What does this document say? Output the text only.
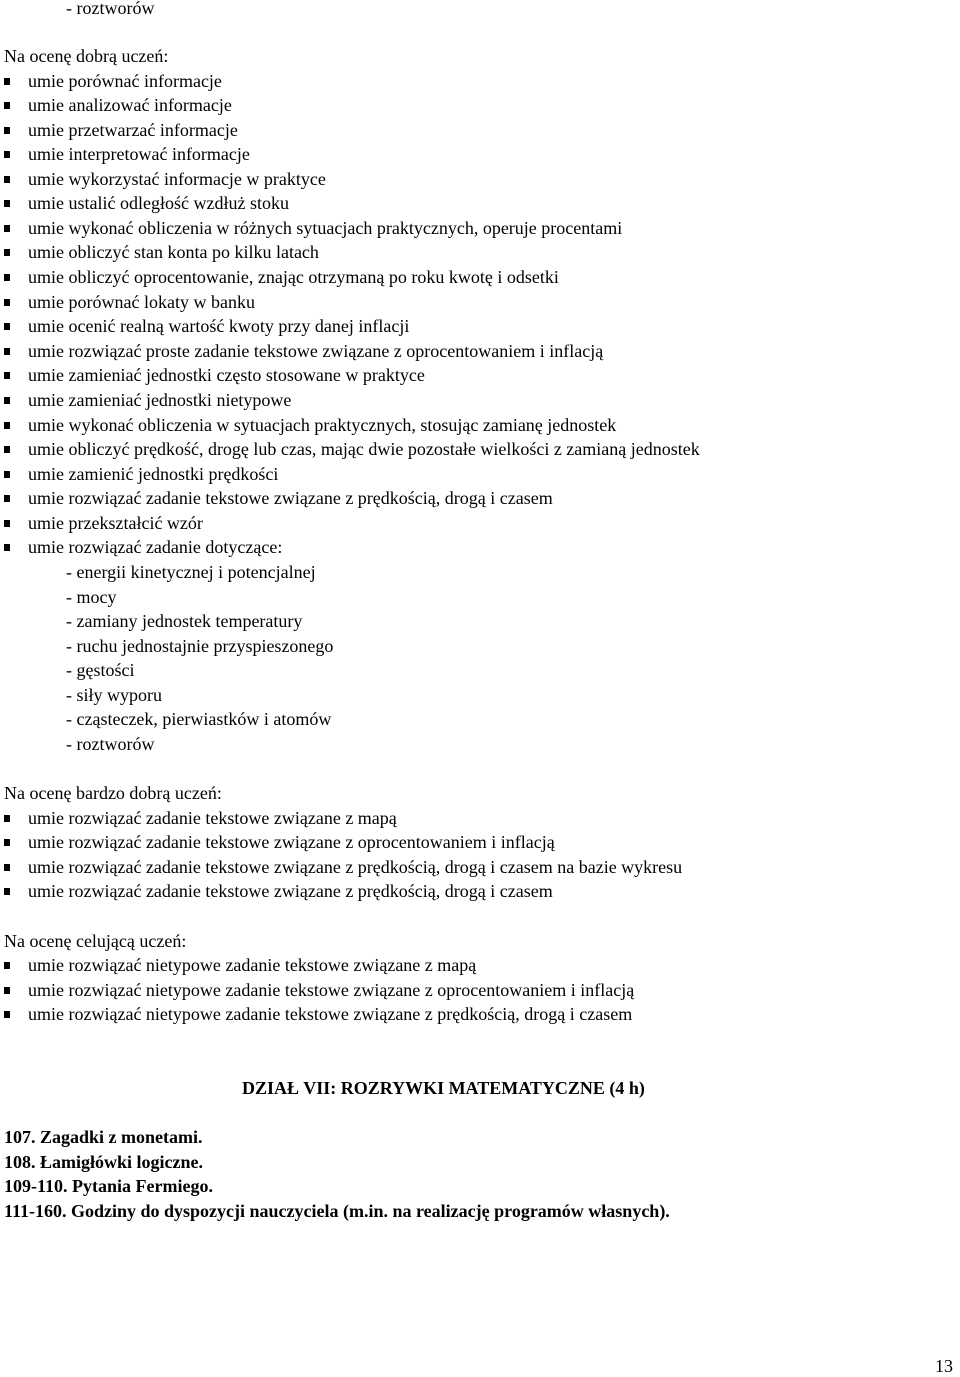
- roztworów
Na ocenę dobrą uczeń:
umie porównać informacje
umie analizować informacje
umie przetwarzać informacje
umie interpretować informacje
umie wykorzystać informacje w praktyce
umie ustalić odległość wzdłuż stoku
umie wykonać obliczenia w różnych sytuacjach praktycznych, operuje procentami
umie obliczyć stan konta po kilku latach
umie obliczyć oprocentowanie, znając otrzymaną po roku kwotę i odsetki
umie porównać lokaty w banku
umie ocenić realną wartość kwoty przy danej inflacji
umie rozwiązać proste zadanie tekstowe związane z oprocentowaniem i inflacją
umie zamieniać jednostki często stosowane w praktyce
umie zamieniać jednostki nietypowe
umie wykonać obliczenia w sytuacjach praktycznych, stosując zamianę jednostek
umie obliczyć prędkość, drogę lub czas, mając dwie pozostałe wielkości z zamianą jednostek
umie zamienić jednostki prędkości
umie rozwiązać zadanie tekstowe związane z prędkością, drogą i czasem
umie przekształcić wzór
umie rozwiązać zadanie dotyczące:
- energii kinetycznej i potencjalnej
- mocy
- zamiany jednostek temperatury
- ruchu jednostajnie przyspieszonego
- gęstości
- siły wyporu
- cząsteczek, pierwiastków i atomów
- roztworów
Na ocenę bardzo dobrą uczeń:
umie rozwiązać zadanie tekstowe związane z mapą
umie rozwiązać zadanie tekstowe związane z oprocentowaniem i inflacją
umie rozwiązać zadanie tekstowe związane z prędkością, drogą i czasem na bazie wykresu
umie rozwiązać zadanie tekstowe związane z prędkością, drogą i czasem
Na ocenę celującą uczeń:
umie rozwiązać nietypowe zadanie tekstowe związane z mapą
umie rozwiązać nietypowe zadanie tekstowe związane z oprocentowaniem i inflacją
umie rozwiązać nietypowe zadanie tekstowe związane z prędkością, drogą i czasem
DZIAŁ VII: ROZRYWKI MATEMATYCZNE (4 h)
107. Zagadki z monetami.
108. Łamigłówki logiczne.
109-110. Pytania Fermiego.
111-160. Godziny do dyspozycji nauczyciela (m.in. na realizację programów własnych).
13
